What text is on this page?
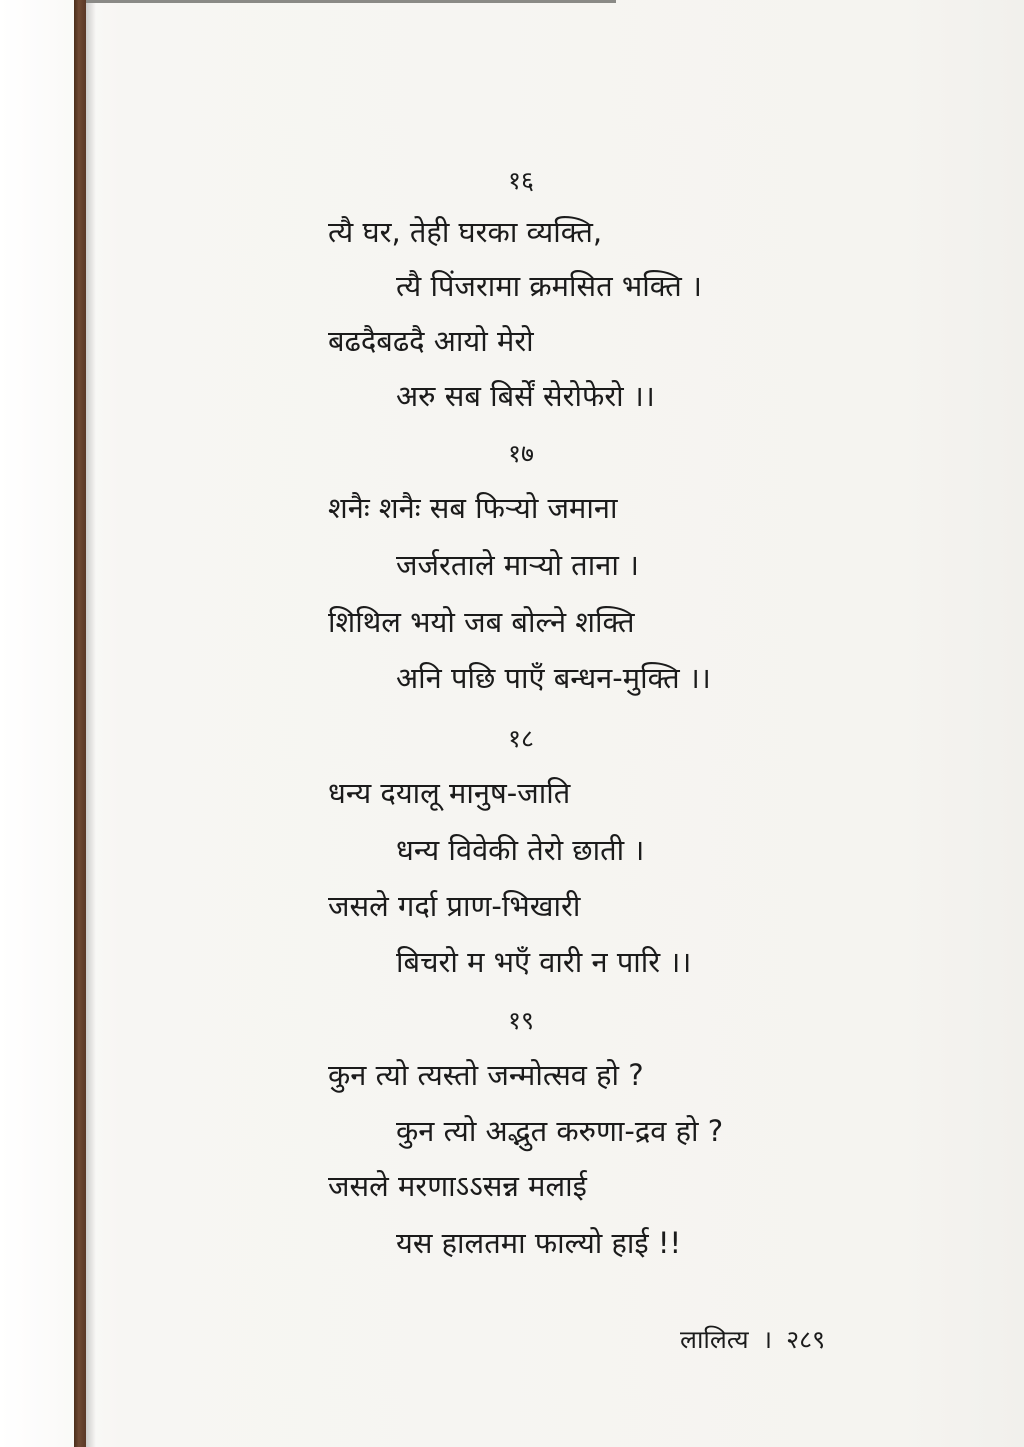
१६
त्यै घर, तेही घरका व्यक्ति,
त्यै पिंजरामा क्रमसित भक्ति ।
बढदैबढदै आयो मेरो
अरु सब बिर्सें सेरोफेरो ।।
१७
शनैः शनैः सब फिऱ्यो जमाना
जर्जरताले माऱ्यो ताना ।
शिथिल भयो जब बोल्ने शक्ति
अनि पछि पाएँ बन्धन-मुक्ति ।।
१८
धन्य दयालू मानुष-जाति
धन्य विवेकी तेरो छाती ।
जसले गर्दा प्राण-भिखारी
बिचरो म भएँ वारी न पारि ।।
१९
कुन त्यो त्यस्तो जन्मोत्सव हो ?
कुन त्यो अद्भुत करुणा-द्रव हो ?
जसले मरणाऽऽसन्न मलाई
यस हालतमा फाल्यो हाई !!
लालित्य । २८९
